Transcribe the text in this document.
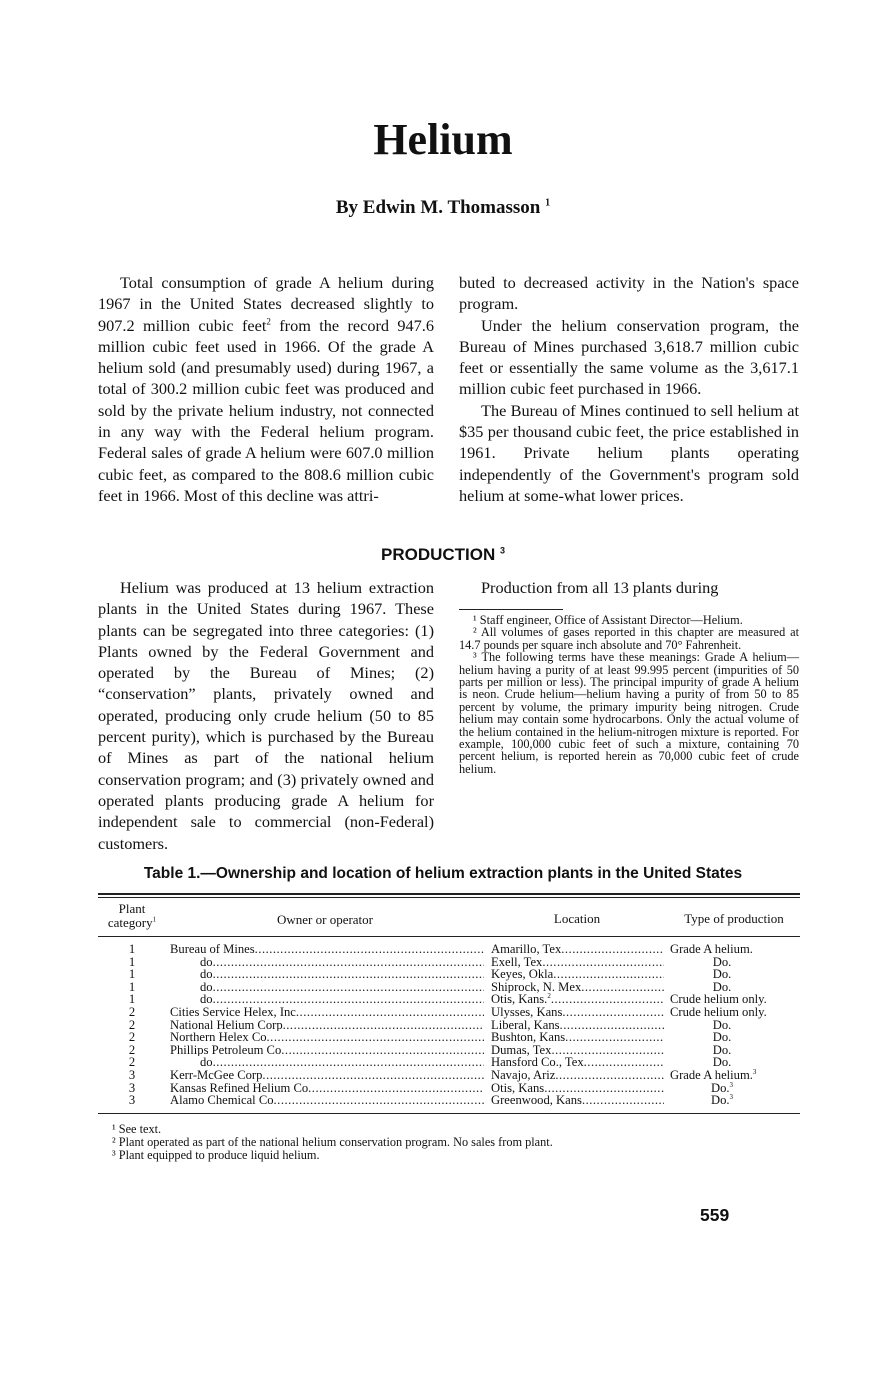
Helium

By Edwin M. Thomasson $^1$

Total consumption of grade A helium during 1967 in the United States decreased slightly to 907.2 million cubic feet$^2$ from the record 947.6 million cubic feet used in 1966. Of the grade A helium sold (and presumably used) during 1967, a total of 300.2 million cubic feet was produced and sold by the private helium industry, not connected in any way with the Federal helium program. Federal sales of grade A helium were 607.0 million cubic feet, as compared to the 808.6 million cubic feet in 1966. Most of this decline was attri-

buted to decreased activity in the Nation's space program.

Under the helium conservation program, the Bureau of Mines purchased 3,618.7 million cubic feet or essentially the same volume as the 3,617.1 million cubic feet purchased in 1966.

The Bureau of Mines continued to sell helium at $35 per thousand cubic feet, the price established in 1961. Private helium plants operating independently of the Government's program sold helium at some-what lower prices.

PRODUCTION $^3$

Helium was produced at 13 helium extraction plants in the United States during 1967. These plants can be segregated into three categories: (1) Plants owned by the Federal Government and operated by the Bureau of Mines; (2) “conservation” plants, privately owned and operated, producing only crude helium (50 to 85 percent purity), which is purchased by the Bureau of Mines as part of the national helium conservation program; and (3) privately owned and operated plants producing grade A helium for independent sale to commercial (non-Federal) customers.

Production from all 13 plants during

¹ Staff engineer, Office of Assistant Director—Helium.

² All volumes of gases reported in this chapter are measured at 14.7 pounds per square inch absolute and 70° Fahrenheit.

³ The following terms have these meanings: Grade A helium—helium having a purity of at least 99.995 percent (impurities of 50 parts per million or less). The principal impurity of grade A helium is neon. Crude helium—helium having a purity of from 50 to 85 percent by volume, the primary impurity being nitrogen. Crude helium may contain some hydrocarbons. Only the actual volume of the helium contained in the helium-nitrogen mixture is reported. For example, 100,000 cubic feet of such a mixture, containing 70 percent helium, is reported herein as 70,000 cubic feet of crude helium.

Table 1.—Ownership and location of helium extraction plants in the United States

Plant
category$^1$	Owner or operator	Location	Type of production
1	Bureau of Mines .....	Amarillo, Tex .....	Grade A helium.
1	do .....	Exell, Tex .....	Do.
1	do .....	Keyes, Okla .....	Do.
1	do .....	Shiprock, N. Mex .....	Do.
1	do .....	Otis, Kans.$^2$ .....	Crude helium only.
2	Cities Service Helex, Inc .....	Ulysses, Kans .....	Crude helium only.
2	National Helium Corp .....	Liberal, Kans .....	Do.
2	Northern Helex Co .....	Bushton, Kans .....	Do.
2	Phillips Petroleum Co .....	Dumas, Tex .....	Do.
2	do .....	Hansford Co., Tex .....	Do.
3	Kerr-McGee Corp .....	Navajo, Ariz .....	Grade A helium.$^3$
3	Kansas Refined Helium Co .....	Otis, Kans .....	Do.$^3$
3	Alamo Chemical Co .....	Greenwood, Kans .....	Do.$^3$

¹ See text.

² Plant operated as part of the national helium conservation program. No sales from plant.

³ Plant equipped to produce liquid helium.

559
